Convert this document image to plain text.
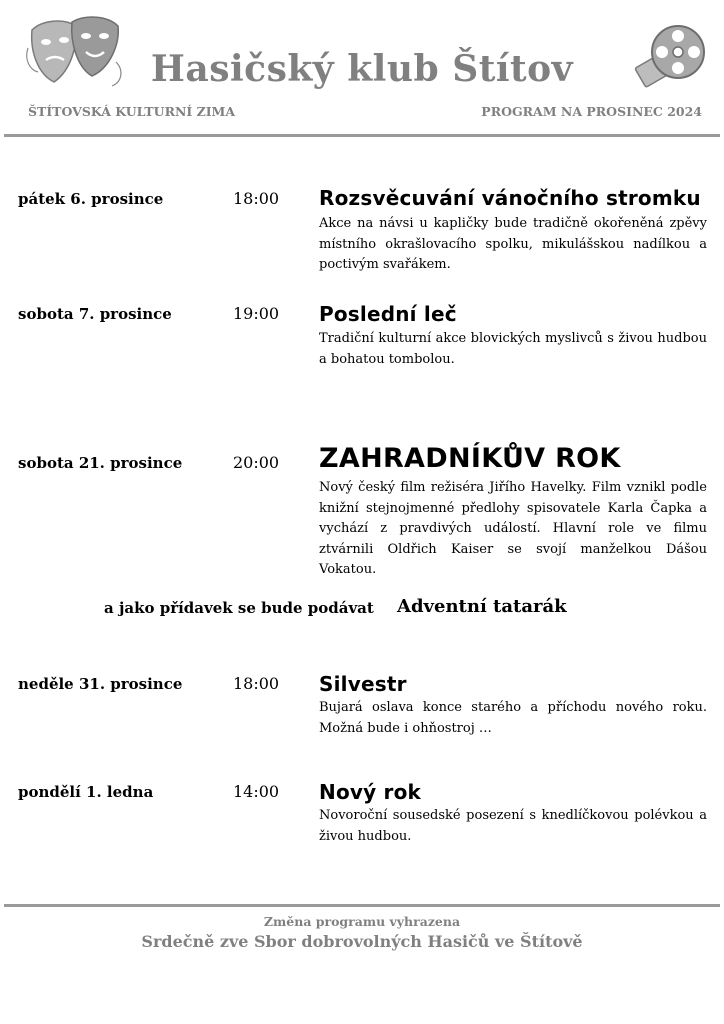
Hasičský klub Štítov
ŠTÍTOVSKÁ KULTURNÍ ZIMA	PROGRAM NA PROSINEC 2024
pátek 6. prosince	18:00 Rozsvěcuvání vánočního stromku
Akce na návsi u kapličky bude tradičně okořeněná zpěvy místního okrašlovacího spolku, mikulášskou nadílkou a poctivým svařákem.
sobota 7. prosince	19:00 Poslední leč
Tradiční kulturní akce blovických myslivců s živou hudbou a bohatou tombolou.
sobota 21. prosince	20:00 ZAHRADNÍKŮV ROK
Nový český film režiséra Jiřího Havelky. Film vznikl podle knižní stejnojmenné předlohy spisovatele Karla Čapka a vychází z pravdivých událostí. Hlavní role ve filmu ztvárnili Oldřich Kaiser se svojí manželkou Dášou Vokatou.
a jako přídavek se bude podávat Adventní tatarák
neděle 31. prosince	18:00 Silvestr
Bujará oslava konce starého a příchodu nového roku. Možná bude i ohňostroj …
pondělí 1. ledna	14:00 Nový rok
Novoroční sousedské posezení s knedlíčkovou polévkou a živou hudbou.
Změna programu vyhrazena
Srdečně zve Sbor dobrovolných Hasičů ve Štítově
